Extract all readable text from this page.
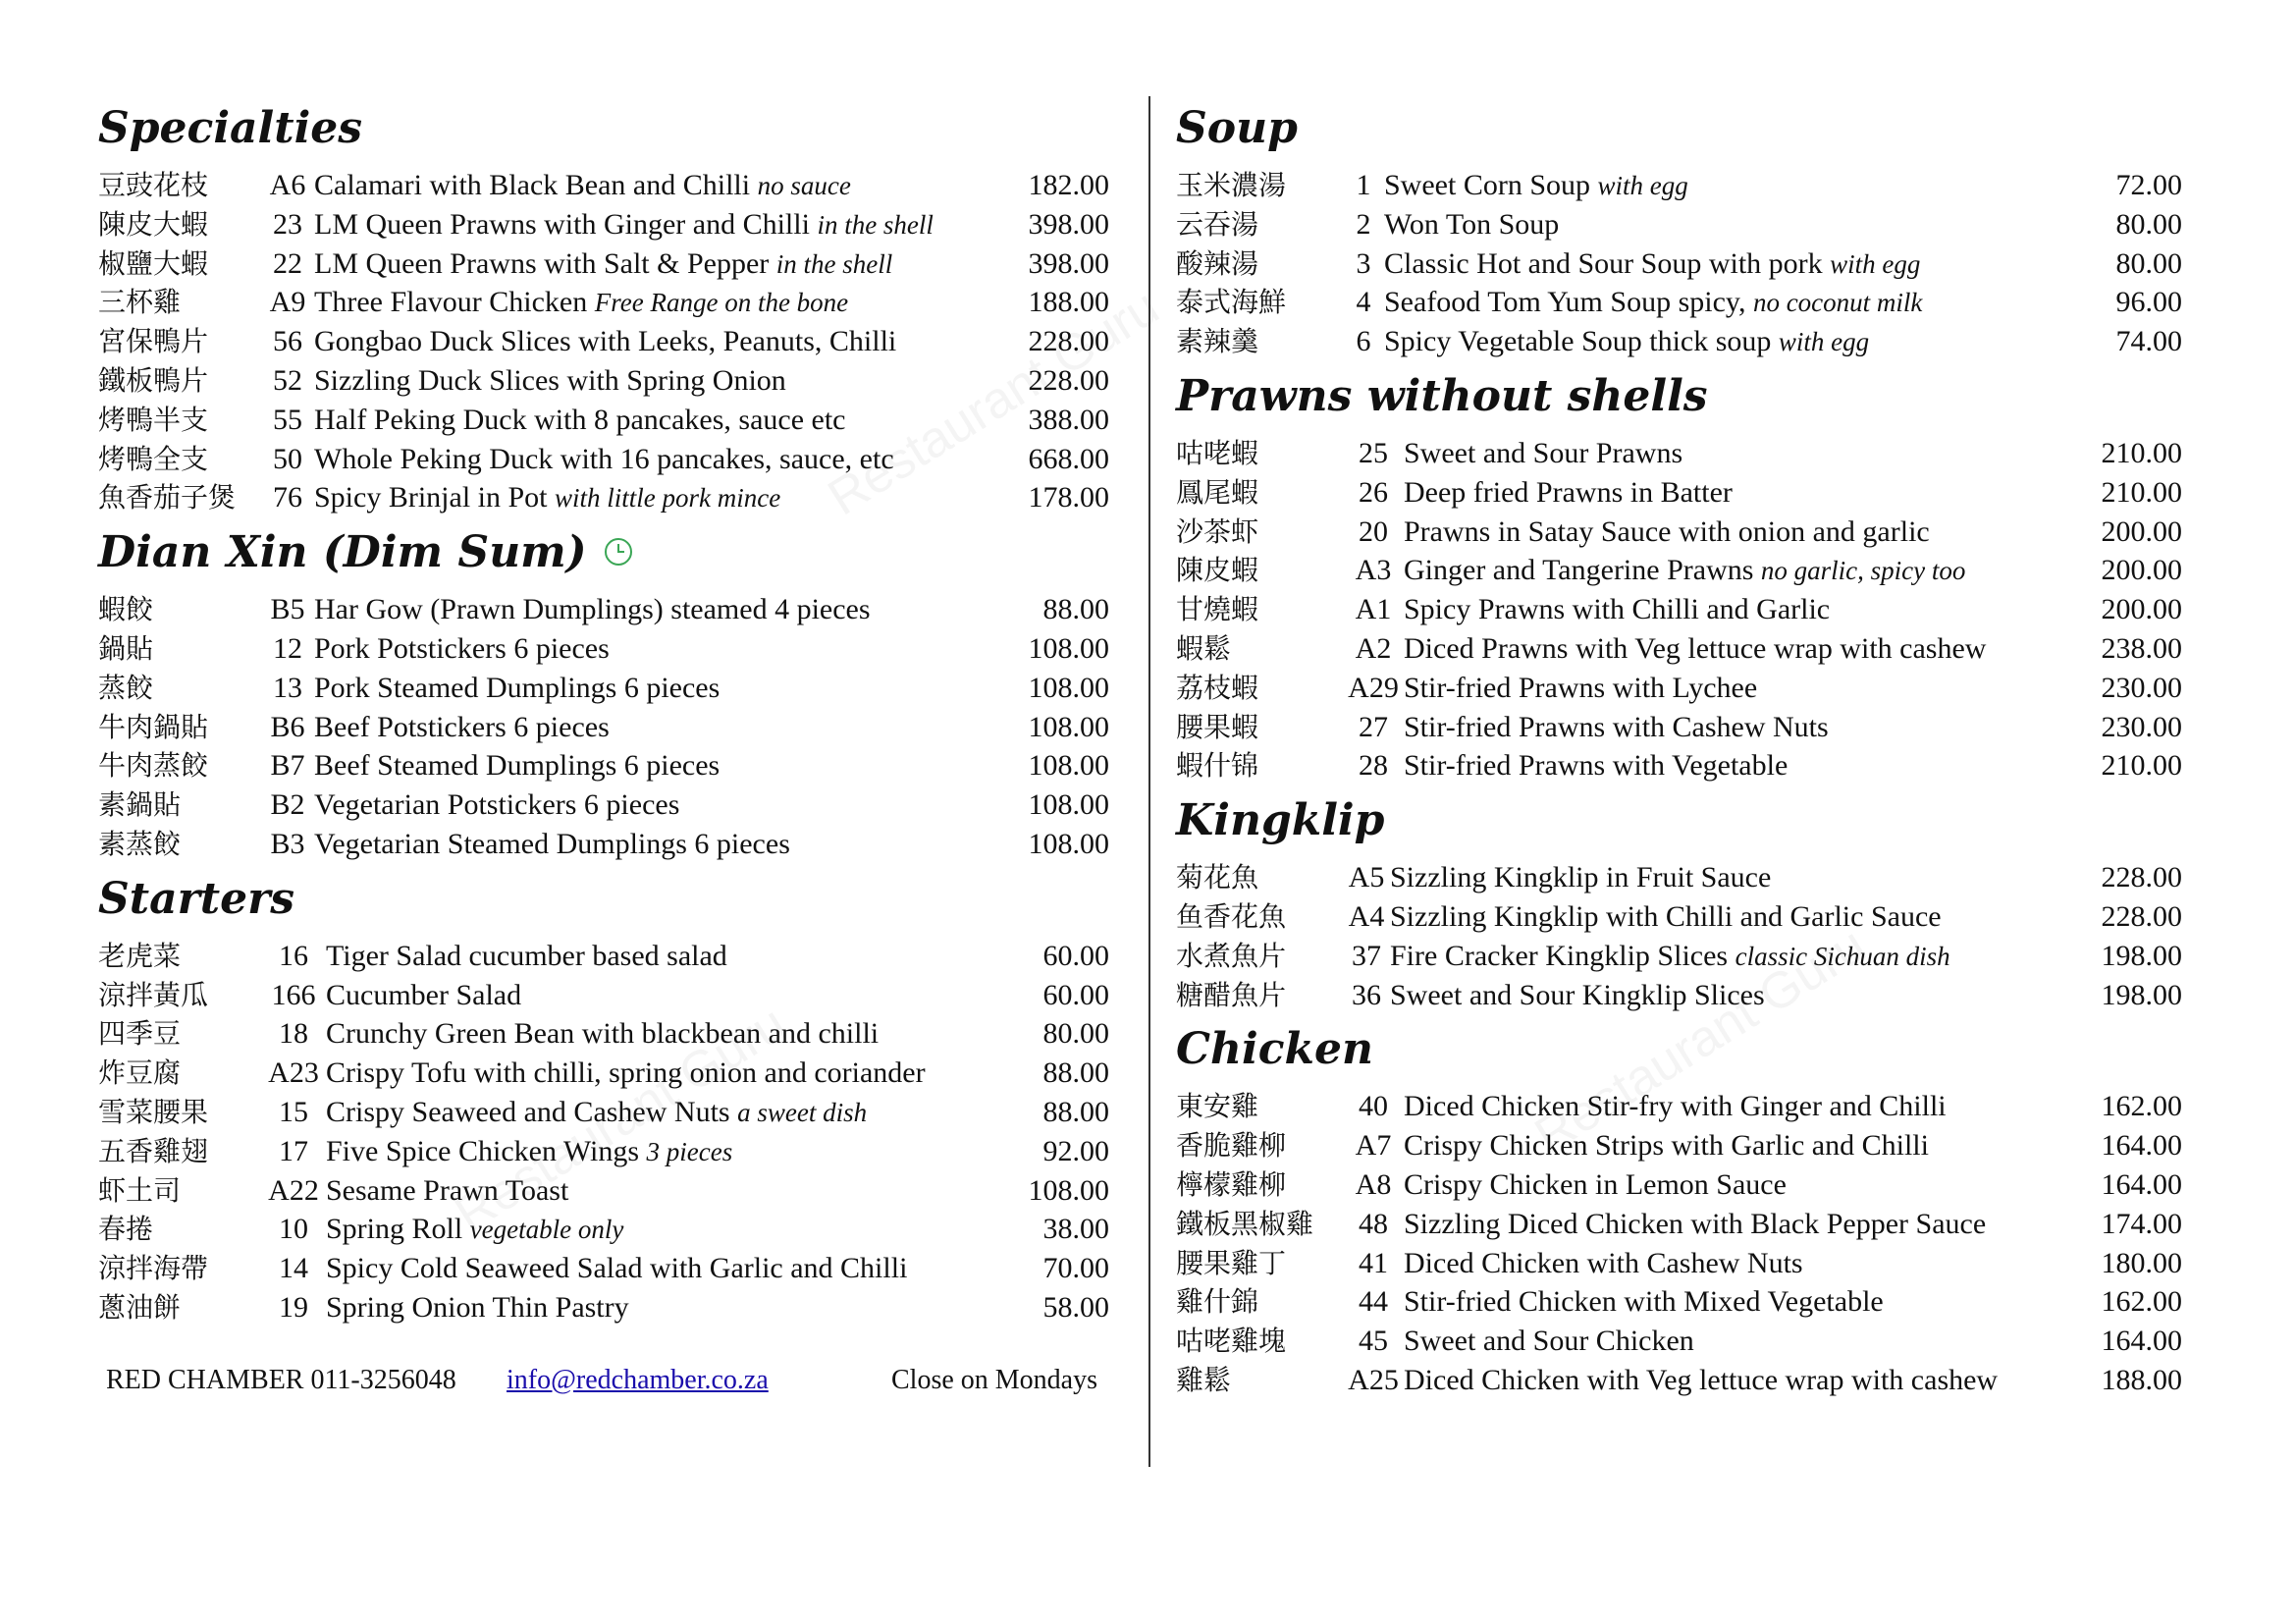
Specialties
豆豉花枝	A6 Calamari with Black Bean and Chilli no sauce	182.00
陳皮大蝦	23 LM Queen Prawns with Ginger and Chilli in the shell	398.00
椒鹽大蝦	22 LM Queen Prawns with Salt & Pepper in the shell	398.00
三杯雞	A9 Three Flavour Chicken Free Range on the bone	188.00
宮保鴨片	56 Gongbao Duck Slices with Leeks, Peanuts, Chilli	228.00
鐵板鴨片	52 Sizzling Duck Slices with Spring Onion	228.00
烤鴨半支	55 Half Peking Duck with 8 pancakes, sauce etc	388.00
烤鴨全支	50 Whole Peking Duck with 16 pancakes, sauce, etc	668.00
魚香茄子煲	76 Spicy Brinjal in Pot with little pork mince	178.00
Dian Xin (Dim Sum)
蝦餃	B5 Har Gow (Prawn Dumplings) steamed 4 pieces	88.00
鍋貼	12 Pork Potstickers 6 pieces	108.00
蒸餃	13 Pork Steamed Dumplings 6 pieces	108.00
牛肉鍋貼	B6 Beef Potstickers 6 pieces	108.00
牛肉蒸餃	B7 Beef Steamed Dumplings 6 pieces	108.00
素鍋貼	B2 Vegetarian Potstickers 6 pieces	108.00
素蒸餃	B3 Vegetarian Steamed Dumplings 6 pieces	108.00
Starters
老虎菜	16 Tiger Salad cucumber based salad	60.00
涼拌黃瓜	166 Cucumber Salad	60.00
四季豆	18 Crunchy Green Bean with blackbean and chilli	80.00
炸豆腐	A23 Crispy Tofu with chilli, spring onion and coriander	88.00
雪菜腰果	15 Crispy Seaweed and Cashew Nuts a sweet dish	88.00
五香雞翅	17 Five Spice Chicken Wings 3 pieces	92.00
虾土司	A22 Sesame Prawn Toast	108.00
春捲	10 Spring Roll vegetable only	38.00
涼拌海帶	14 Spicy Cold Seaweed Salad with Garlic and Chilli	70.00
蔥油餅	19 Spring Onion Thin Pastry	58.00
RED CHAMBER 011-3256048 info@redchamber.co.za	Close on Mondays
Soup
玉米濃湯	1 Sweet Corn Soup with egg	72.00
云吞湯	2 Won Ton Soup	80.00
酸辣湯	3 Classic Hot and Sour Soup with pork with egg	80.00
泰式海鮮	4 Seafood Tom Yum Soup spicy, no coconut milk	96.00
素辣羹	6 Spicy Vegetable Soup thick soup with egg	74.00
Prawns without shells
咕咾蝦	25 Sweet and Sour Prawns	210.00
鳳尾蝦	26 Deep fried Prawns in Batter	210.00
沙茶虾	20 Prawns in Satay Sauce with onion and garlic	200.00
陳皮蝦	A3 Ginger and Tangerine Prawns no garlic, spicy too	200.00
甘燒蝦	A1 Spicy Prawns with Chilli and Garlic	200.00
蝦鬆	A2 Diced Prawns with Veg lettuce wrap with cashew	238.00
荔枝蝦	A29 Stir-fried Prawns with Lychee	230.00
腰果蝦	27 Stir-fried Prawns with Cashew Nuts	230.00
蝦什锦	28 Stir-fried Prawns with Vegetable	210.00
Kingklip
菊花魚	A5 Sizzling Kingklip in Fruit Sauce	228.00
鱼香花魚	A4 Sizzling Kingklip with Chilli and Garlic Sauce	228.00
水煮魚片	37 Fire Cracker Kingklip Slices classic Sichuan dish	198.00
糖醋魚片	36 Sweet and Sour Kingklip Slices	198.00
Chicken
東安雞	40 Diced Chicken Stir-fry with Ginger and Chilli	162.00
香脆雞柳	A7 Crispy Chicken Strips with Garlic and Chilli	164.00
檸檬雞柳	A8 Crispy Chicken in Lemon Sauce	164.00
鐵板黑椒雞	48 Sizzling Diced Chicken with Black Pepper Sauce	174.00
腰果雞丁	41 Diced Chicken with Cashew Nuts	180.00
雞什錦	44 Stir-fried Chicken with Mixed Vegetable	162.00
咕咾雞塊	45 Sweet and Sour Chicken	164.00
雞鬆	A25 Diced Chicken with Veg lettuce wrap with cashew	188.00
